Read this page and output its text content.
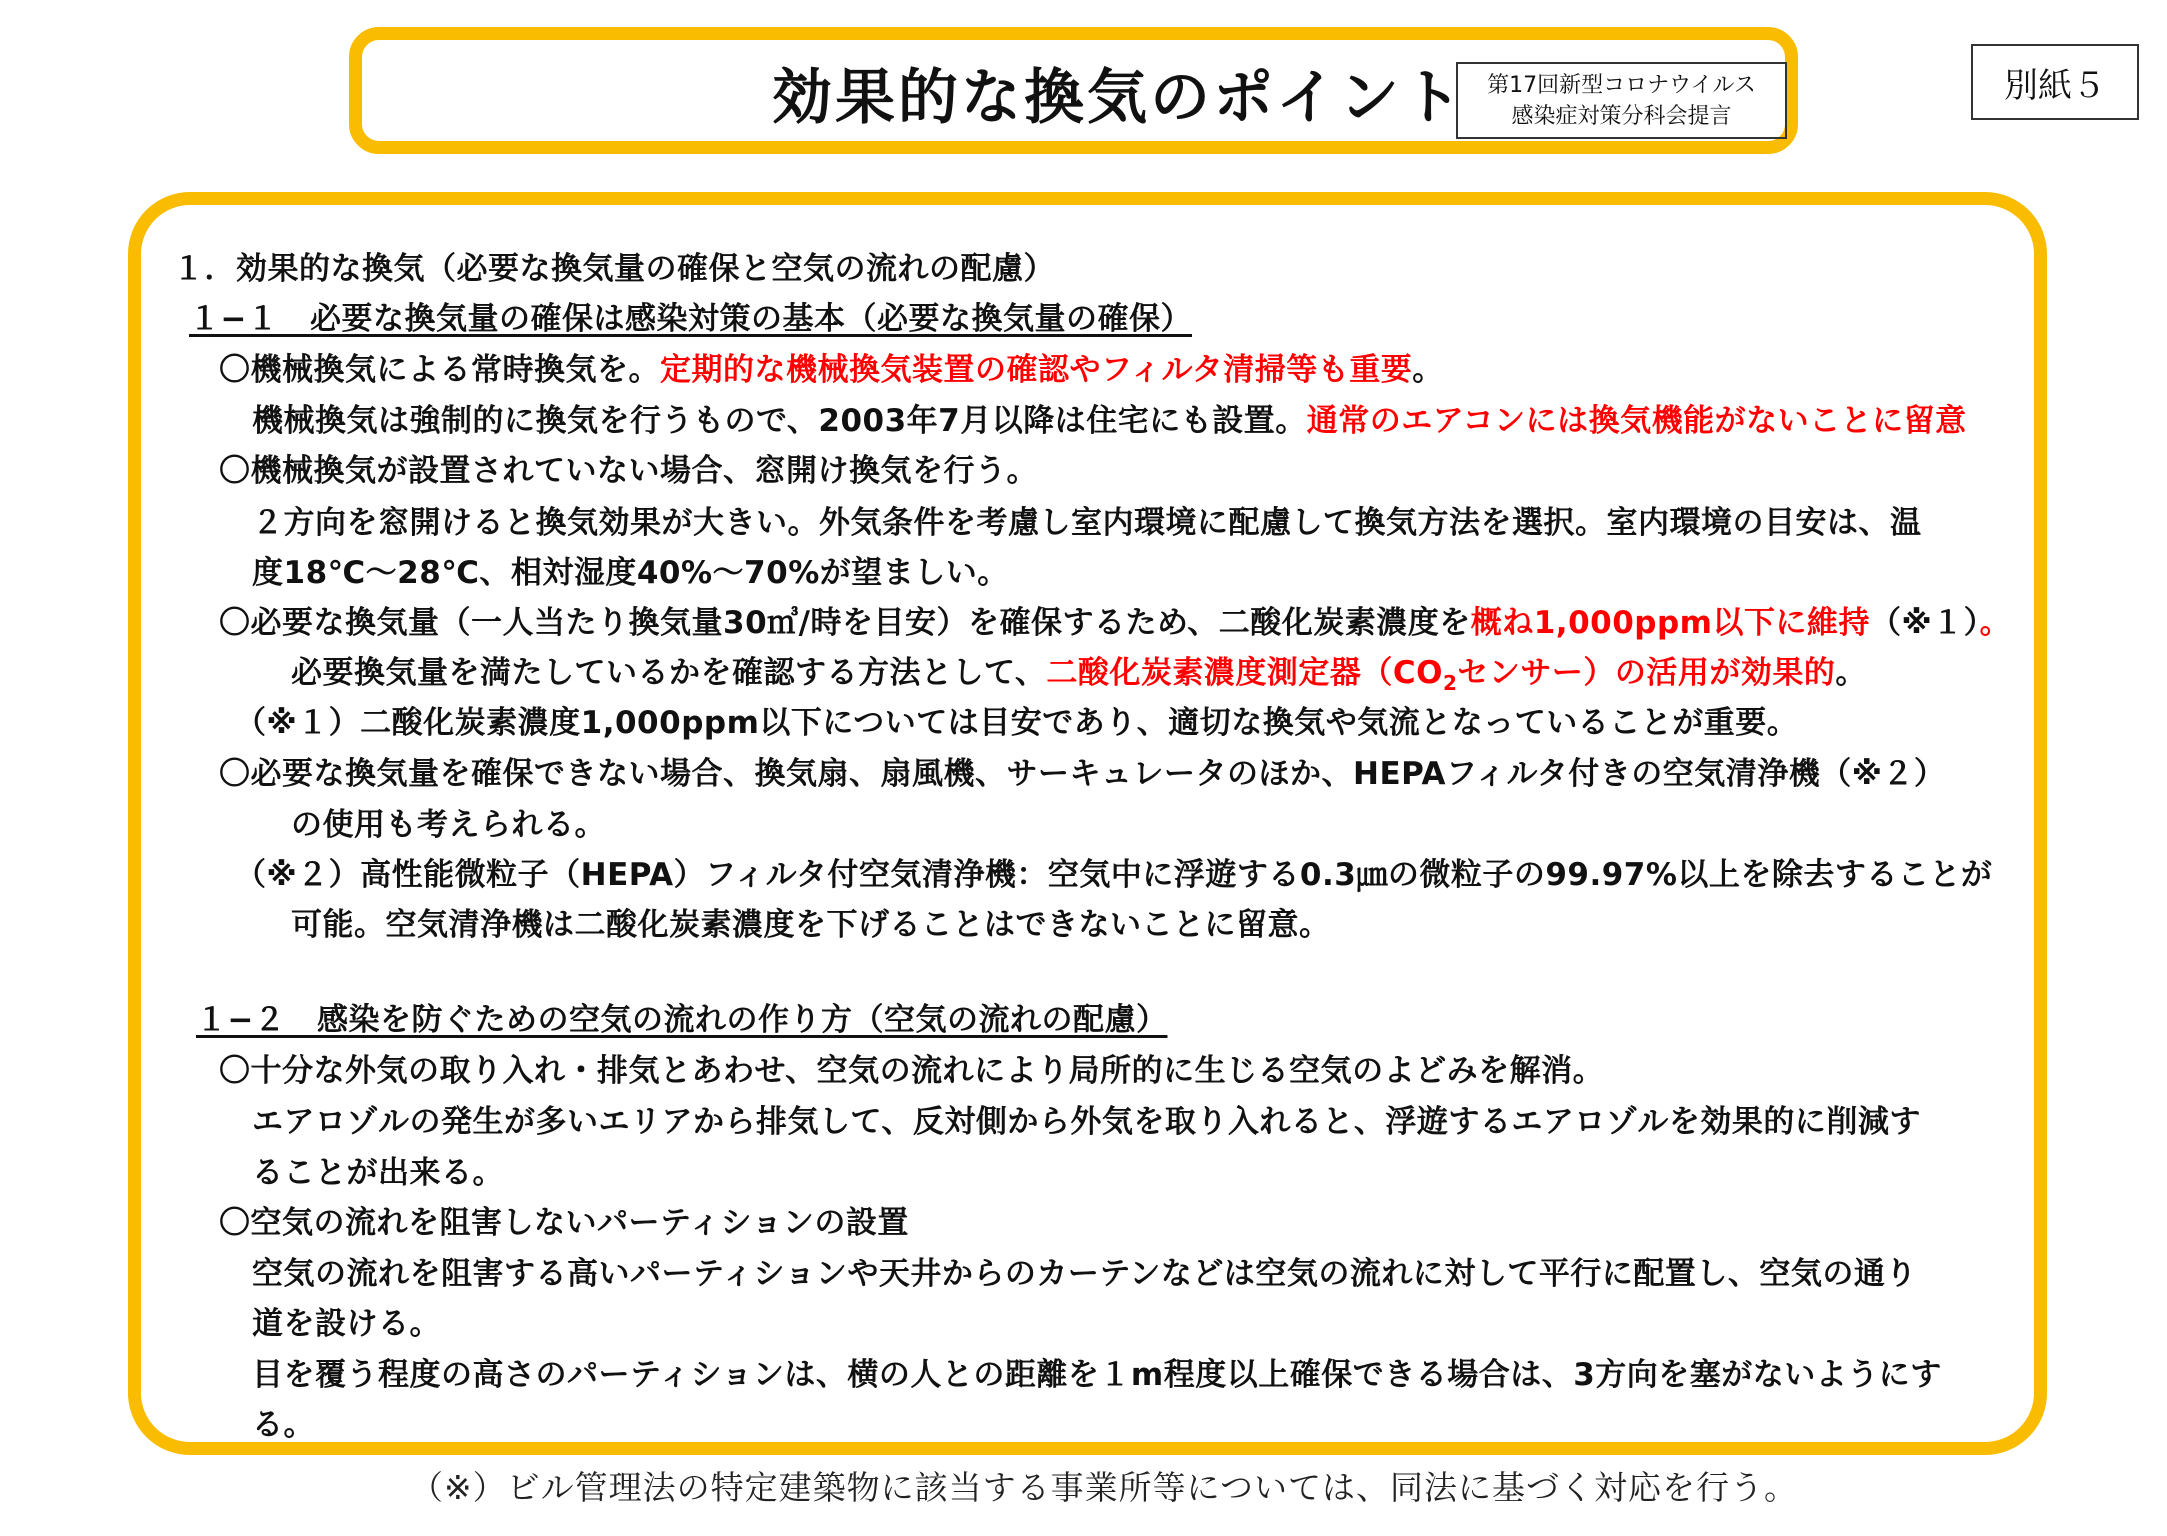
効果的な換気のポイント 第17回新型コロナウイルス
感染症対策分科会提言
別紙５
１．効果的な換気（必要な換気量の確保と空気の流れの配慮）
１−１　必要な換気量の確保は感染対策の基本（必要な換気量の確保）
〇機械換気による常時換気を。定期的な機械換気装置の確認やフィルタ清掃等も重要。
機械換気は強制的に換気を行うもので、2003年7月以降は住宅にも設置。通常のエアコンには換気機能がないことに留意
〇機械換気が設置されていない場合、窓開け換気を行う。
２方向を窓開けると換気効果が大きい。外気条件を考慮し室内環境に配慮して換気方法を選択。室内環境の目安は、温
度18℃～28℃、相対湿度40%～70%が望ましい。
〇必要な換気量（一人当たり換気量30㎥/時を目安）を確保するため、二酸化炭素濃度を概ね1,000ppm以下に維持（※１）。
必要換気量を満たしているかを確認する方法として、二酸化炭素濃度測定器（$CO_2$センサー）の活用が効果的。
（※１）二酸化炭素濃度1,000ppm以下については目安であり、適切な換気や気流となっていることが重要。
〇必要な換気量を確保できない場合、換気扇、扇風機、サーキュレータのほか、HEPAフィルタ付きの空気清浄機（※２）
の使用も考えられる。
（※２）高性能微粒子（HEPA）フィルタ付空気清浄機：空気中に浮遊する0.3㎛の微粒子の99.97%以上を除去することが
可能。空気清浄機は二酸化炭素濃度を下げることはできないことに留意。
１−２　感染を防ぐための空気の流れの作り方（空気の流れの配慮）
〇十分な外気の取り入れ・排気とあわせ、空気の流れにより局所的に生じる空気のよどみを解消。
エアロゾルの発生が多いエリアから排気して、反対側から外気を取り入れると、浮遊するエアロゾルを効果的に削減す
ることが出来る。
〇空気の流れを阻害しないパーティションの設置
空気の流れを阻害する高いパーティションや天井からのカーテンなどは空気の流れに対して平行に配置し、空気の通り
道を設ける。
目を覆う程度の高さのパーティションは、横の人との距離を１m程度以上確保できる場合は、3方向を塞がないようにす
る。
（※）ビル管理法の特定建築物に該当する事業所等については、同法に基づく対応を行う。
